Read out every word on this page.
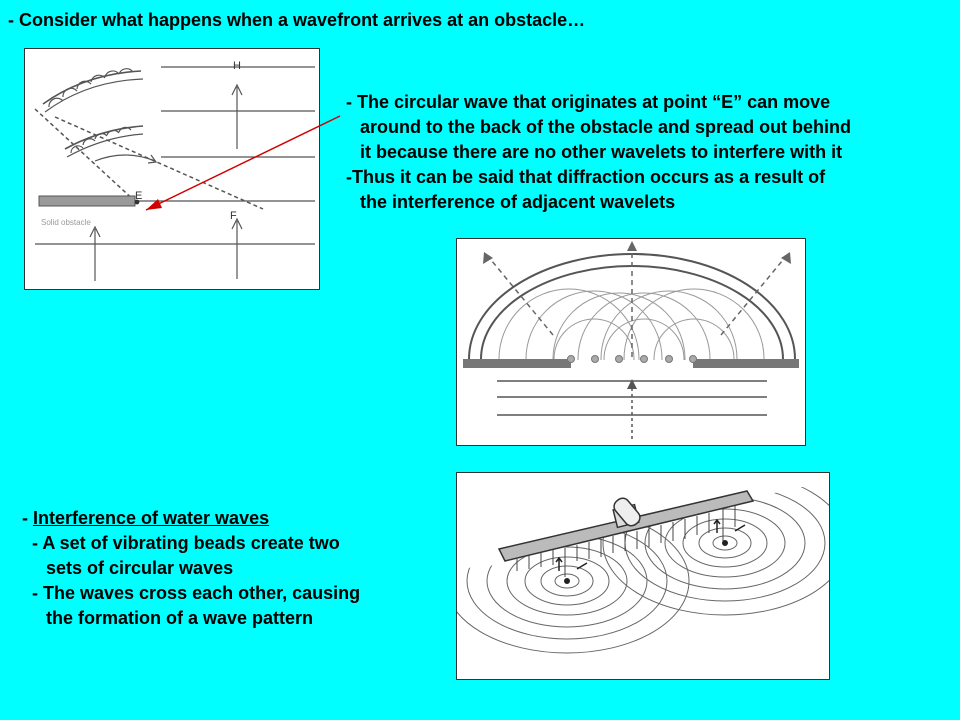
- Consider what happens when a wavefront arrives at an obstacle…
- The circular wave that originates at point “E” can move
around to the back of the obstacle and spread out behind
it because there are no other wavelets to interfere with it
-Thus it can be said that diffraction occurs as a result of
the interference of adjacent wavelets
H
E
F
Solid obstacle
- Interference of water waves
- A set of vibrating beads create two
sets of circular waves
- The waves cross each other, causing
the formation of a wave pattern
